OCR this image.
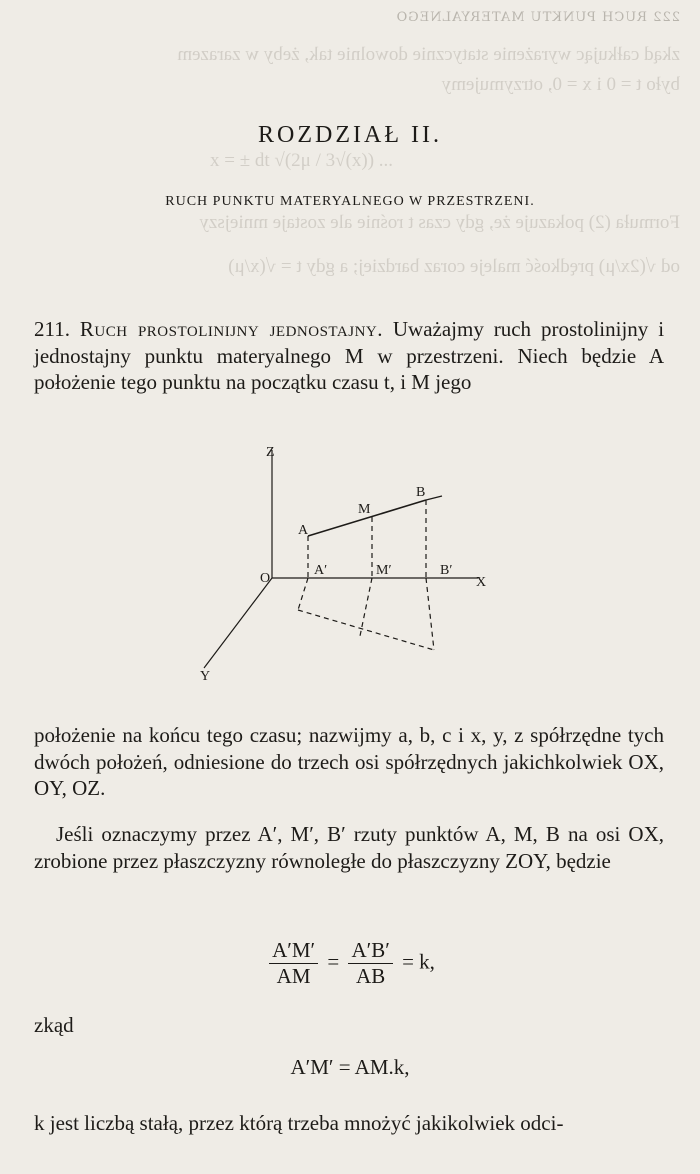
222 RUCH PUNKTU MATERYALNEGO
zkąd całkując wyrażenie statycznie dowolnie tak, żeby w zarazem
było t = 0 i x = 0, otrzymujemy
x = ± dt √(2μ / 3√(x)) ...
Formuła (2) pokazuje że, gdy czas t rośnie ale zostaje mniejszy
od √(2x/μ) prędkość maleje coraz bardziej; a gdy t = √(x/μ)
ROZDZIAŁ II.
RUCH PUNKTU MATERYALNEGO W PRZESTRZENI.
211. Ruch prostolinijny jednostajny. Uważajmy ruch prostolinijny i jednostajny punktu materyalnego M w przestrzeni. Niech będzie A położenie tego punktu na początku czasu t, i M jego
Z
X
Y
O
A
M
B
A′	M′	B′
położenie na końcu tego czasu; nazwijmy a, b, c i x, y, z spółrzędne tych dwóch położeń, odniesione do trzech osi spółrzędnych jakichkolwiek OX, OY, OZ.
Jeśli oznaczymy przez A′, M′, B′ rzuty punktów A, M, B na osi OX, zrobione przez płaszczyzny równoległe do płaszczyzny ZOY, będzie
$\frac{A'M'}{AM} = \frac{A'B'}{AB} = k$,
zkąd
A′M′ = AM.k,
k jest liczbą stałą, przez którą trzeba mnożyć jakikolwiek odci-
